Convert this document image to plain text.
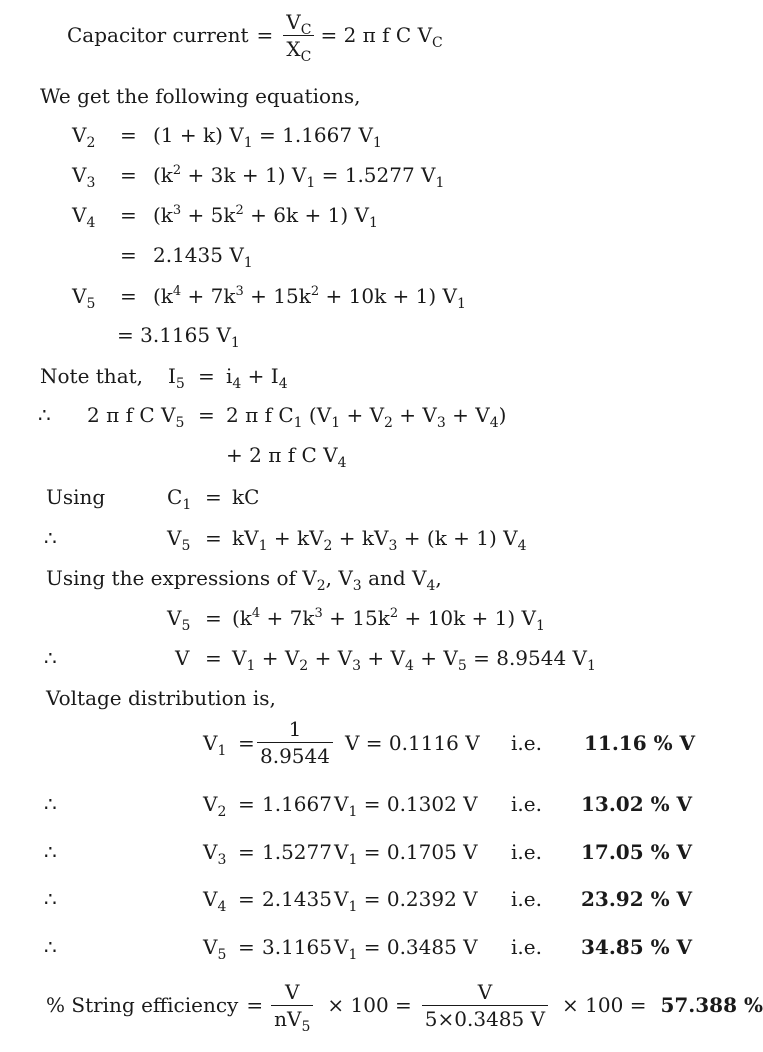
Capacitor current = $\frac{V_C}{X_C} = 2$ π f C $V_C$
We get the following equations,
$V_2 = (1 + k) V_1 = 1.1667$ $V_1$
$V_3 = (k^2 + 3k + 1) V_1 = 1.5277$ $V_1$
$V_4 = (k^3 + 5k^2 + 6k + 1)$ $V_1$
= 2.1435 $V_1$
$V_5 = (k^4 + 7k^3 + 15k^2 + 10k + 1)$ $V_1$
= 3.1165 $V_1$
Note that, $I_5 = i_4 + I_4$
∴ 2 π f C $V_5 = 2$ π f $C_1$ $(V_1 + V_2 + V_3 + V_4)$
+ 2 π f C $V_4$
Using	$C_1$ = kC
∴	$V_5 = kV_1 + kV_2 + kV_3 + (k + 1)$ $V_4$
Using the expressions of $V_2$, $V_3$ and $V_4$,
$V_5 = (k^4 + 7k^3 + 15k^2 + 10k + 1)$ $V_1$
∴	$V = V_1 + V_2 + V_3 + V_4 + V_5 = 8.9544$ $V_1$
Voltage distribution is,
$V_1 = \frac{1}{8.9544}$ V = 0.1116 V i.e. 11.16 % V
∴	$V_2 = 1.1667$ $V_1 = 0.1302$ V i.e. 13.02 % V
∴	$V_3 = 1.5277$ $V_1 = 0.1705$ V i.e. 17.05 % V
∴	$V_4 = 2.1435$ $V_1 = 0.2392$ V i.e. 23.92 % V
∴	$V_5 = 3.1165$ $V_1 = 0.3485$ V i.e. 34.85 % V
% String efficiency = $\frac{V}{nV_5} \times 100 = \frac{V}{5\times 0.3485 V} \times 100 = 57.388$ %
